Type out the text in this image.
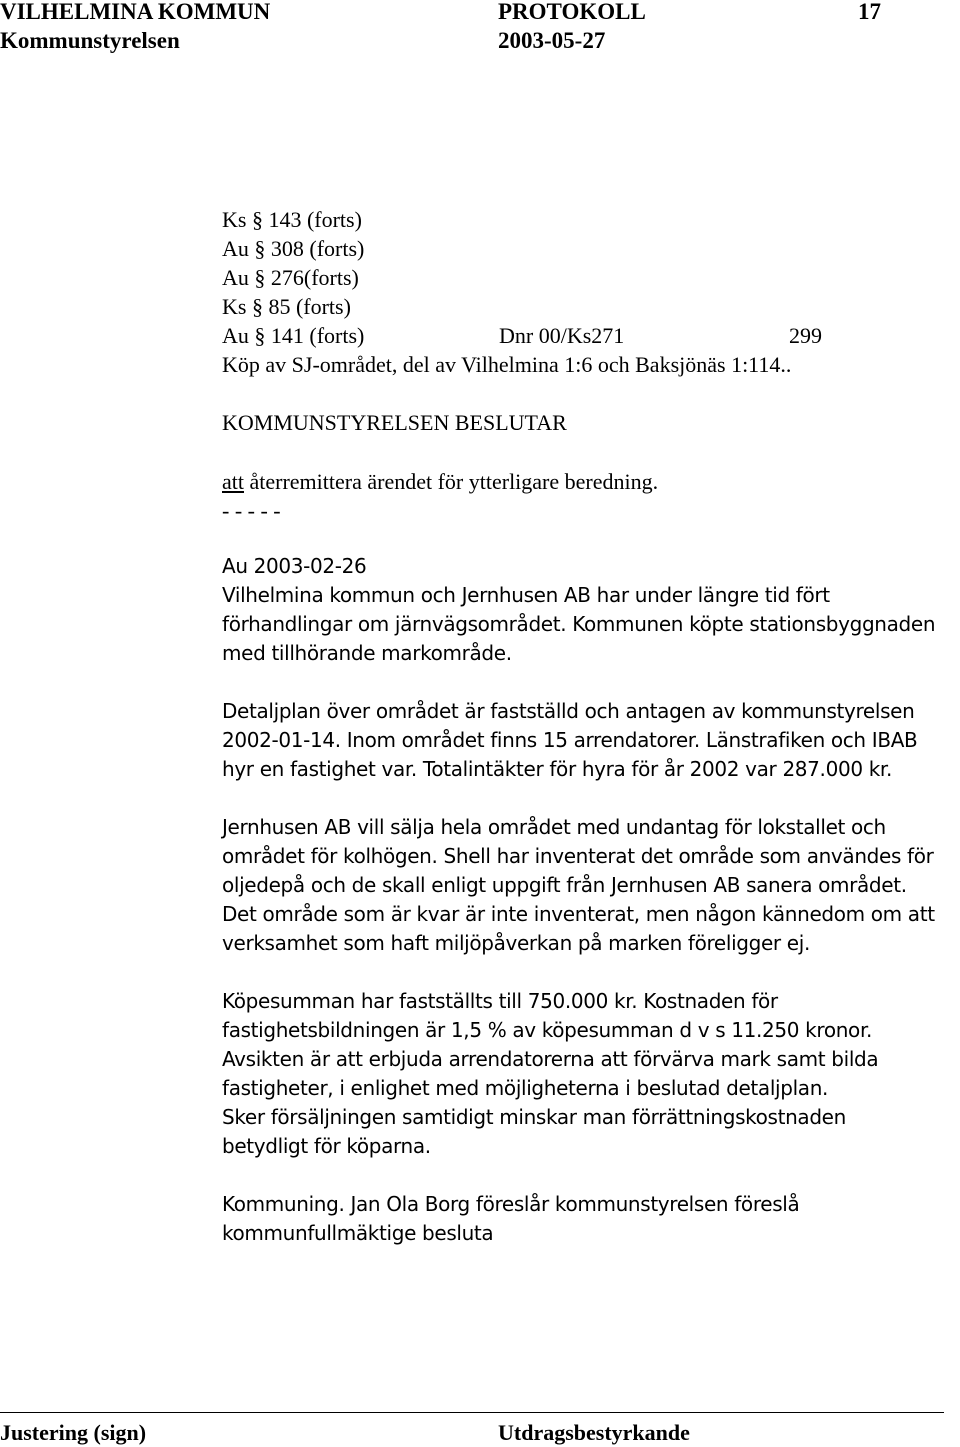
VILHELMINA KOMMUN	PROTOKOLL	17
Kommunstyrelsen	2003-05-27
Ks § 143 (forts)
Au § 308 (forts)
Au § 276(forts)
Ks § 85 (forts)
Au § 141 (forts)	Dnr 00/Ks271	299
Köp av SJ-området, del av Vilhelmina 1:6 och Baksjönäs 1:114..
KOMMUNSTYRELSEN BESLUTAR
att återremittera ärendet för ytterligare beredning.
- - - - -
Au 2003-02-26
Vilhelmina kommun och Jernhusen AB har under längre tid fört
förhandlingar om järnvägsområdet. Kommunen köpte stationsbyggnaden
med tillhörande markområde.
Detaljplan över området är fastställd och antagen av kommunstyrelsen
2002-01-14. Inom området finns 15 arrendatorer. Länstrafiken och IBAB
hyr en fastighet var. Totalintäkter för hyra för år 2002 var 287.000 kr.
Jernhusen AB vill sälja hela området med undantag för lokstallet och
området för kolhögen. Shell har inventerat det område som användes för
oljedepå och de skall enligt uppgift från Jernhusen AB sanera området.
Det område som är kvar är inte inventerat, men någon kännedom om att
verksamhet som haft miljöpåverkan på marken föreligger ej.
Köpesumman har fastställts till 750.000 kr. Kostnaden för
fastighetsbildningen är 1,5 % av köpesumman d v s 11.250 kronor.
Avsikten är att erbjuda arrendatorerna att förvärva mark samt bilda
fastigheter, i enlighet med möjligheterna i beslutad detaljplan.
Sker försäljningen samtidigt minskar man förrättningskostnaden
betydligt för köparna.
Kommuning. Jan Ola Borg föreslår kommunstyrelsen föreslå
kommunfullmäktige besluta
Justering (sign)	Utdragsbestyrkande
